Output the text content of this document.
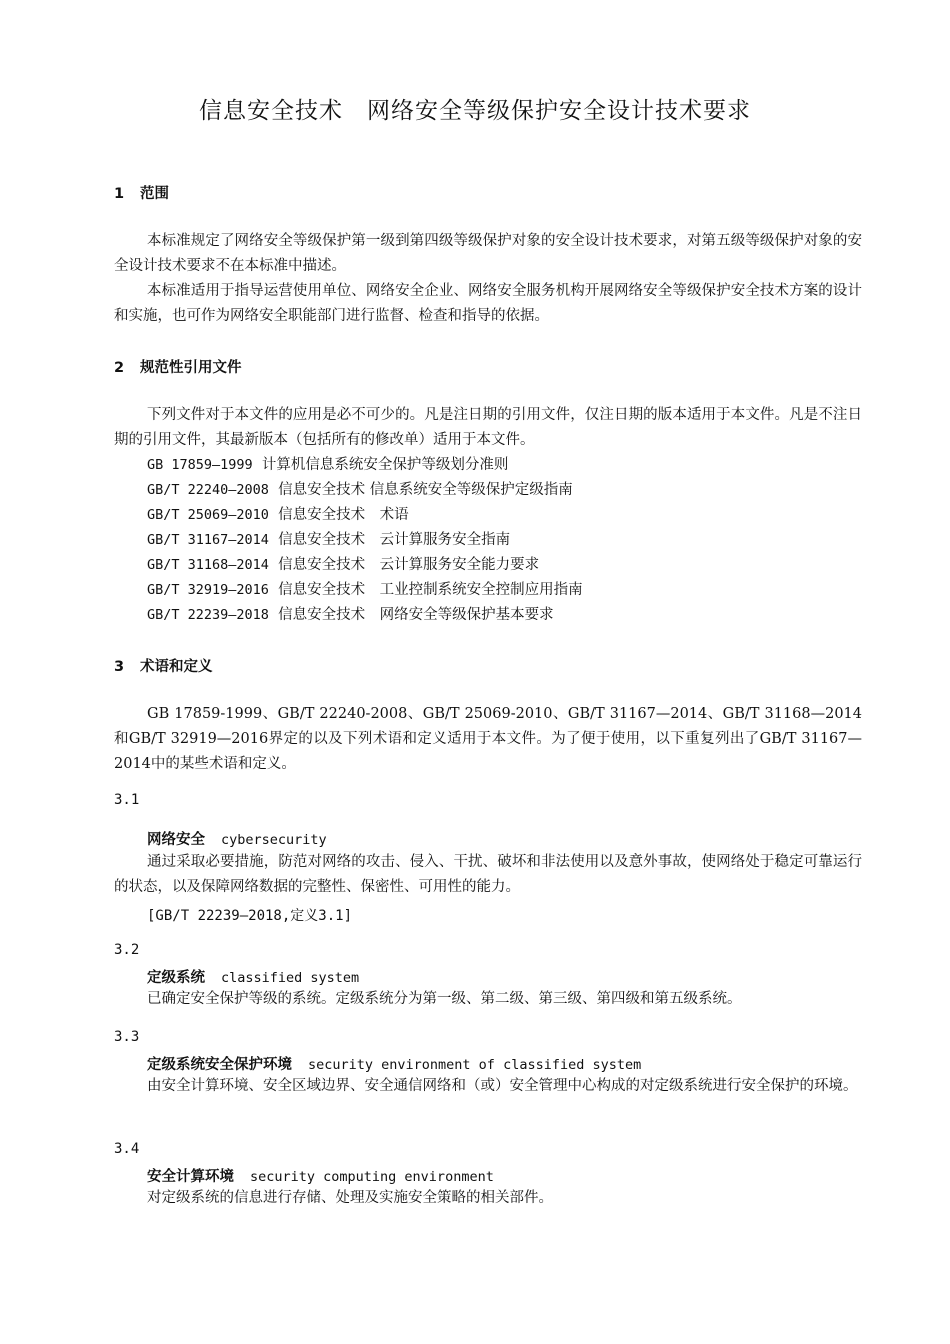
信息安全技术　网络安全等级保护安全设计技术要求
1 范围

本标准规定了网络安全等级保护第一级到第四级等级保护对象的安全设计技术要求，对第五级等级保护对象的安全设计技术要求不在本标准中描述。

本标准适用于指导运营使用单位、网络安全企业、网络安全服务机构开展网络安全等级保护安全技术方案的设计和实施，也可作为网络安全职能部门进行监督、检查和指导的依据。

2 规范性引用文件

下列文件对于本文件的应用是必不可少的。凡是注日期的引用文件，仅注日期的版本适用于本文件。凡是不注日期的引用文件，其最新版本（包括所有的修改单）适用于本文件。

GB 17859—1999 计算机信息系统安全保护等级划分准则

GB/T 22240—2008 信息安全技术 信息系统安全等级保护定级指南

GB/T 25069—2010 信息安全技术　术语

GB/T 31167—2014 信息安全技术　云计算服务安全指南

GB/T 31168—2014 信息安全技术　云计算服务安全能力要求

GB/T 32919—2016 信息安全技术　工业控制系统安全控制应用指南

GB/T 22239—2018 信息安全技术　网络安全等级保护基本要求

3 术语和定义

GB 17859-1999、GB/T 22240-2008、GB/T 25069-2010、GB/T 31167—2014、GB/T 31168—2014和GB/T 32919—2016界定的以及下列术语和定义适用于本文件。为了便于使用，以下重复列出了GB/T 31167—2014中的某些术语和定义。

3.1

网络安全 cybersecurity

通过采取必要措施，防范对网络的攻击、侵入、干扰、破坏和非法使用以及意外事故，使网络处于稳定可靠运行的状态，以及保障网络数据的完整性、保密性、可用性的能力。

[GB/T 22239—2018,定义3.1]

3.2

定级系统 classified system

已确定安全保护等级的系统。定级系统分为第一级、第二级、第三级、第四级和第五级系统。

3.3

定级系统安全保护环境 security environment of classified system

由安全计算环境、安全区域边界、安全通信网络和（或）安全管理中心构成的对定级系统进行安全保护的环境。

3.4

安全计算环境 security computing environment

对定级系统的信息进行存储、处理及实施安全策略的相关部件。
